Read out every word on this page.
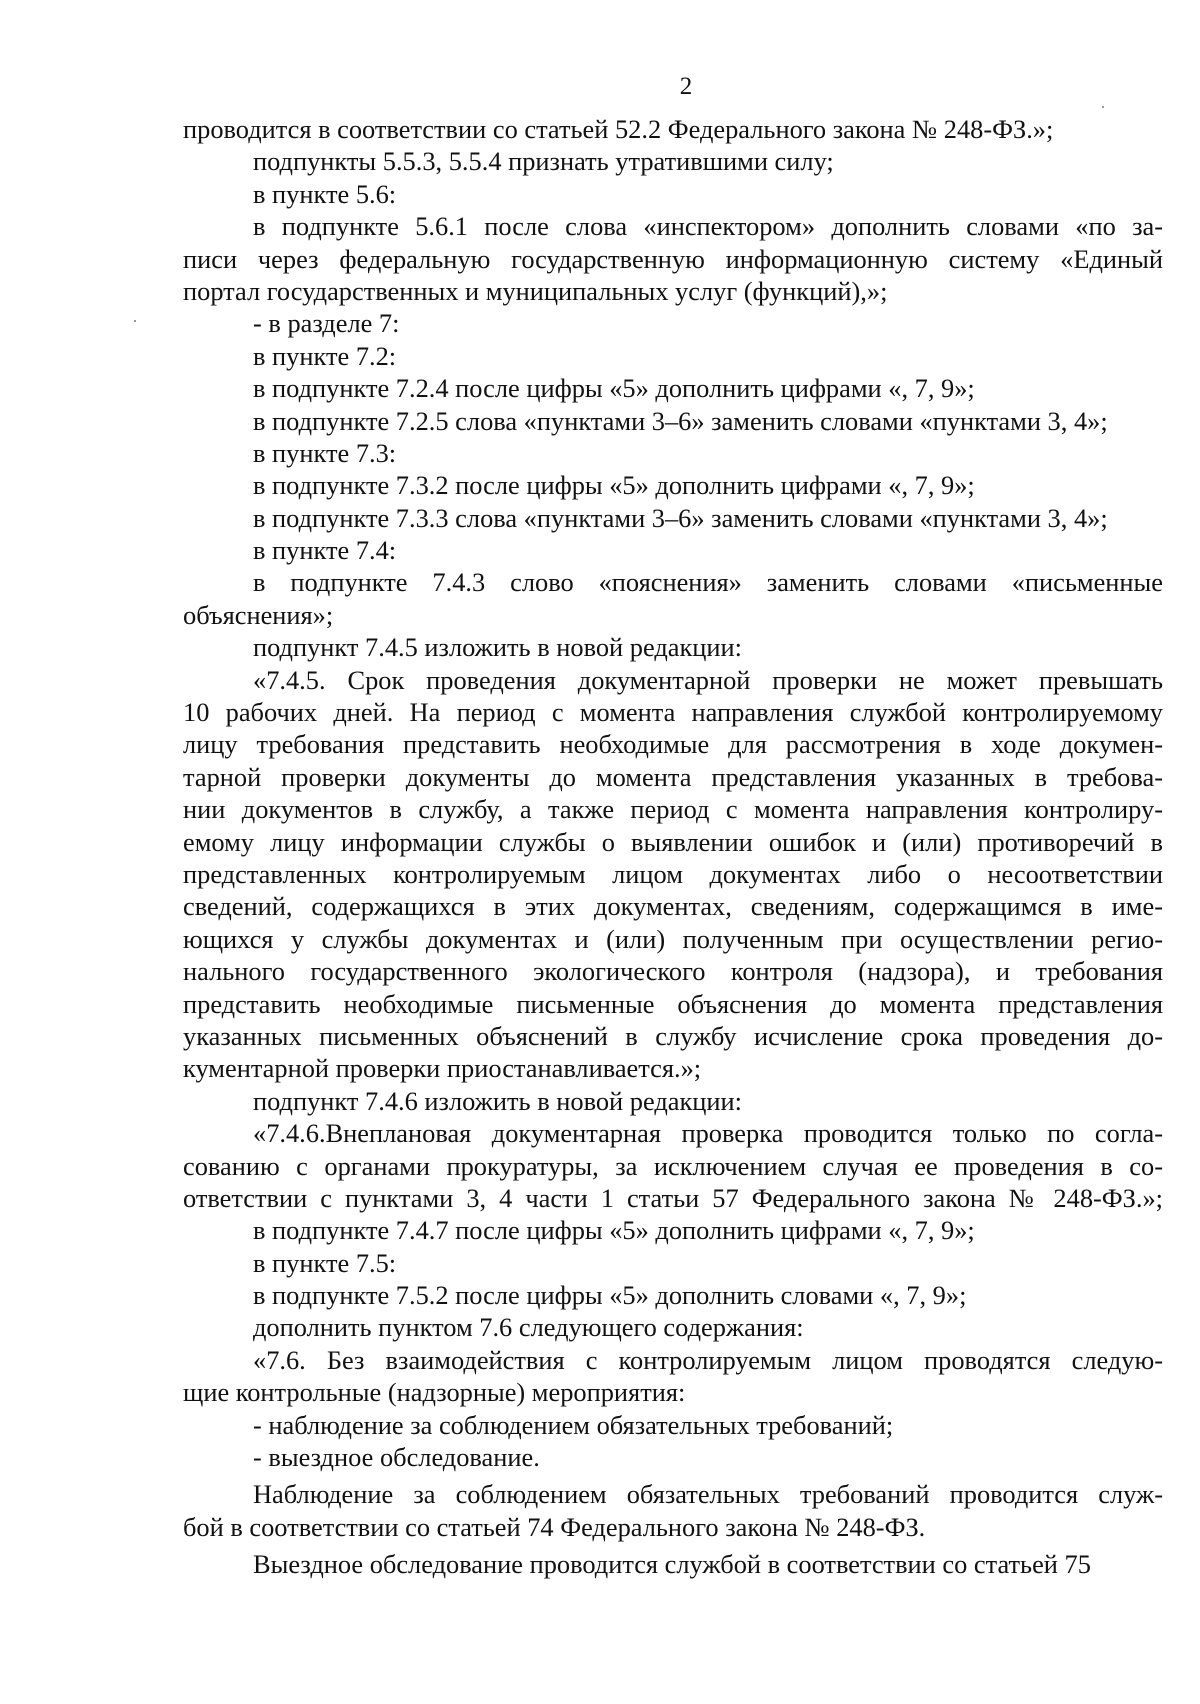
2
проводится в соответствии со статьей 52.2 Федерального закона № 248-ФЗ.»;
подпункты 5.5.3, 5.5.4 признать утратившими силу;
в пункте 5.6:
в подпункте 5.6.1 после слова «инспектором» дополнить словами «по за-
писи через федеральную государственную информационную систему «Единый
портал государственных и муниципальных услуг (функций),»;
- в разделе 7:
в пункте 7.2:
в подпункте 7.2.4 после цифры «5» дополнить цифрами «, 7, 9»;
в подпункте 7.2.5 слова «пунктами 3–6» заменить словами «пунктами 3, 4»;
в пункте 7.3:
в подпункте 7.3.2 после цифры «5» дополнить цифрами «, 7, 9»;
в подпункте 7.3.3 слова «пунктами 3–6» заменить словами «пунктами 3, 4»;
в пункте 7.4:
в подпункте 7.4.3 слово «пояснения» заменить словами «письменные
объяснения»;
подпункт 7.4.5 изложить в новой редакции:
«7.4.5. Срок проведения документарной проверки не может превышать
10 рабочих дней. На период с момента направления службой контролируемому
лицу требования представить необходимые для рассмотрения в ходе докумен-
тарной проверки документы до момента представления указанных в требова-
нии документов в службу, а также период с момента направления контролиру-
емому лицу информации службы о выявлении ошибок и (или) противоречий в
представленных контролируемым лицом документах либо о несоответствии
сведений, содержащихся в этих документах, сведениям, содержащимся в име-
ющихся у службы документах и (или) полученным при осуществлении регио-
нального государственного экологического контроля (надзора), и требования
представить необходимые письменные объяснения до момента представления
указанных письменных объяснений в службу исчисление срока проведения до-
кументарной проверки приостанавливается.»;
подпункт 7.4.6 изложить в новой редакции:
«7.4.6.Внеплановая документарная проверка проводится только по согла-
сованию с органами прокуратуры, за исключением случая ее проведения в со-
ответствии с пунктами 3, 4 части 1 статьи 57 Федерального закона № 248-ФЗ.»;
в подпункте 7.4.7 после цифры «5» дополнить цифрами «, 7, 9»;
в пункте 7.5:
в подпункте 7.5.2 после цифры «5» дополнить словами «, 7, 9»;
дополнить пунктом 7.6 следующего содержания:
«7.6. Без взаимодействия с контролируемым лицом проводятся следую-
щие контрольные (надзорные) мероприятия:
- наблюдение за соблюдением обязательных требований;
- выездное обследование.
Наблюдение за соблюдением обязательных требований проводится служ-
бой в соответствии со статьей 74 Федерального закона № 248-ФЗ.
Выездное обследование проводится службой в соответствии со статьей 75
